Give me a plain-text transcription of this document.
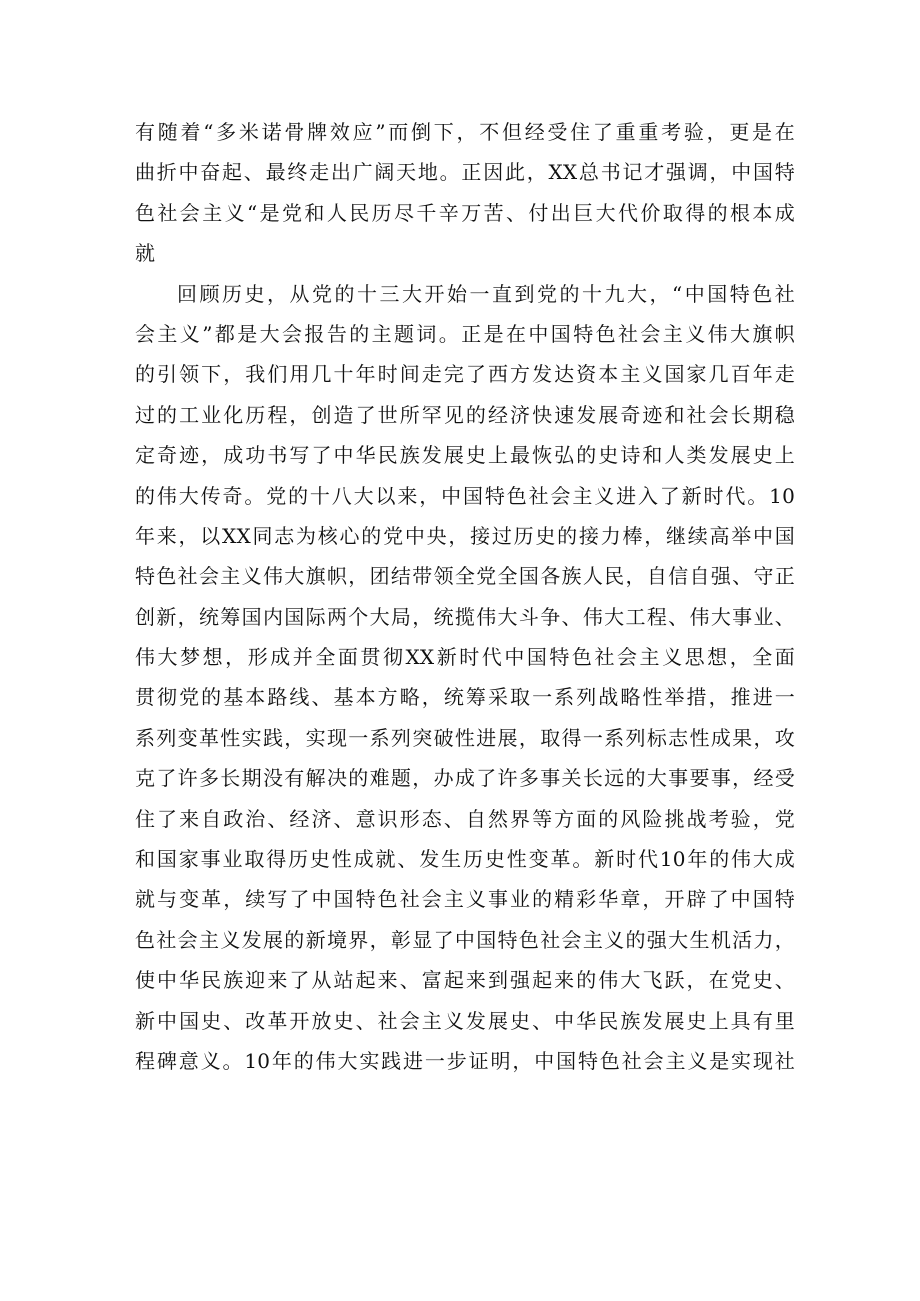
有随着“多米诺骨牌效应”而倒下，不但经受住了重重考验，更是在
曲折中奋起、最终走出广阔天地。正因此，XX总书记才强调，中国特
色社会主义“是党和人民历尽千辛万苦、付出巨大代价取得的根本成
就
回顾历史，从党的十三大开始一直到党的十九大，“中国特色社
会主义”都是大会报告的主题词。正是在中国特色社会主义伟大旗帜
的引领下，我们用几十年时间走完了西方发达资本主义国家几百年走
过的工业化历程，创造了世所罕见的经济快速发展奇迹和社会长期稳
定奇迹，成功书写了中华民族发展史上最恢弘的史诗和人类发展史上
的伟大传奇。党的十八大以来，中国特色社会主义进入了新时代。10
年来，以XX同志为核心的党中央，接过历史的接力棒，继续高举中国
特色社会主义伟大旗帜，团结带领全党全国各族人民，自信自强、守正
创新，统筹国内国际两个大局，统揽伟大斗争、伟大工程、伟大事业、
伟大梦想，形成并全面贯彻XX新时代中国特色社会主义思想，全面
贯彻党的基本路线、基本方略，统筹采取一系列战略性举措，推进一
系列变革性实践，实现一系列突破性进展，取得一系列标志性成果，攻
克了许多长期没有解决的难题，办成了许多事关长远的大事要事，经受
住了来自政治、经济、意识形态、自然界等方面的风险挑战考验，党
和国家事业取得历史性成就、发生历史性变革。新时代10年的伟大成
就与变革，续写了中国特色社会主义事业的精彩华章，开辟了中国特
色社会主义发展的新境界，彰显了中国特色社会主义的强大生机活力，
使中华民族迎来了从站起来、富起来到强起来的伟大飞跃，在党史、
新中国史、改革开放史、社会主义发展史、中华民族发展史上具有里
程碑意义。10年的伟大实践进一步证明，中国特色社会主义是实现社
